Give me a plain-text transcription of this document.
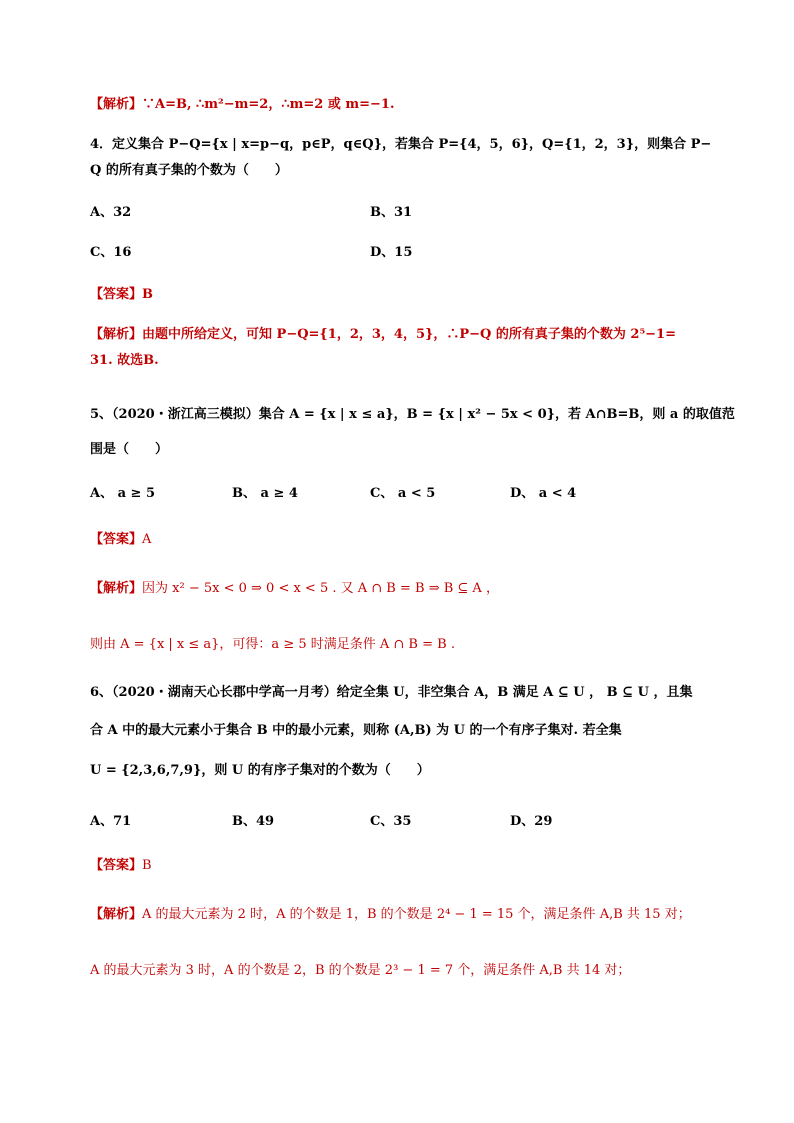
【解析】∵A=B, ∴m²−m=2，∴m=2 或 m=−1.
4．定义集合 P−Q={x | x=p−q，p∈P，q∈Q}，若集合 P={4，5，6}，Q={1，2，3}，则集合 P−
Q 的所有真子集的个数为（　　）
A、32	B、31
C、16	D、15
【答案】B
【解析】由题中所给定义，可知 P−Q={1，2，3，4，5}，∴P−Q 的所有真子集的个数为 2⁵−1=
31. 故选B.
5、（2020・浙江高三模拟）集合 A = {x | x ≤ a}，B = {x | x² − 5x < 0}，若 A∩B=B，则 a 的取值范
围是（　　）
A、 a ≥ 5	B、 a ≥ 4	C、 a < 5	D、 a < 4
【答案】A
【解析】因为 x² − 5x < 0 ⇒ 0 < x < 5 . 又 A ∩ B = B ⇒ B ⊆ A ，
则由 A = {x | x ≤ a}，可得：a ≥ 5 时满足条件 A ∩ B = B .
6、（2020・湖南天心长郡中学高一月考）给定全集 U，非空集合 A，B 满足 A ⊆ U ， B ⊆ U ，且集
合 A 中的最大元素小于集合 B 中的最小元素，则称 (A,B) 为 U 的一个有序子集对. 若全集
U = {2,3,6,7,9}，则 U 的有序子集对的个数为（　　）
A、71	B、49	C、35	D、29
【答案】B
【解析】A 的最大元素为 2 时，A 的个数是 1，B 的个数是 2⁴ − 1 = 15 个，满足条件 A,B 共 15 对；
A 的最大元素为 3 时，A 的个数是 2，B 的个数是 2³ − 1 = 7 个，满足条件 A,B 共 14 对；
